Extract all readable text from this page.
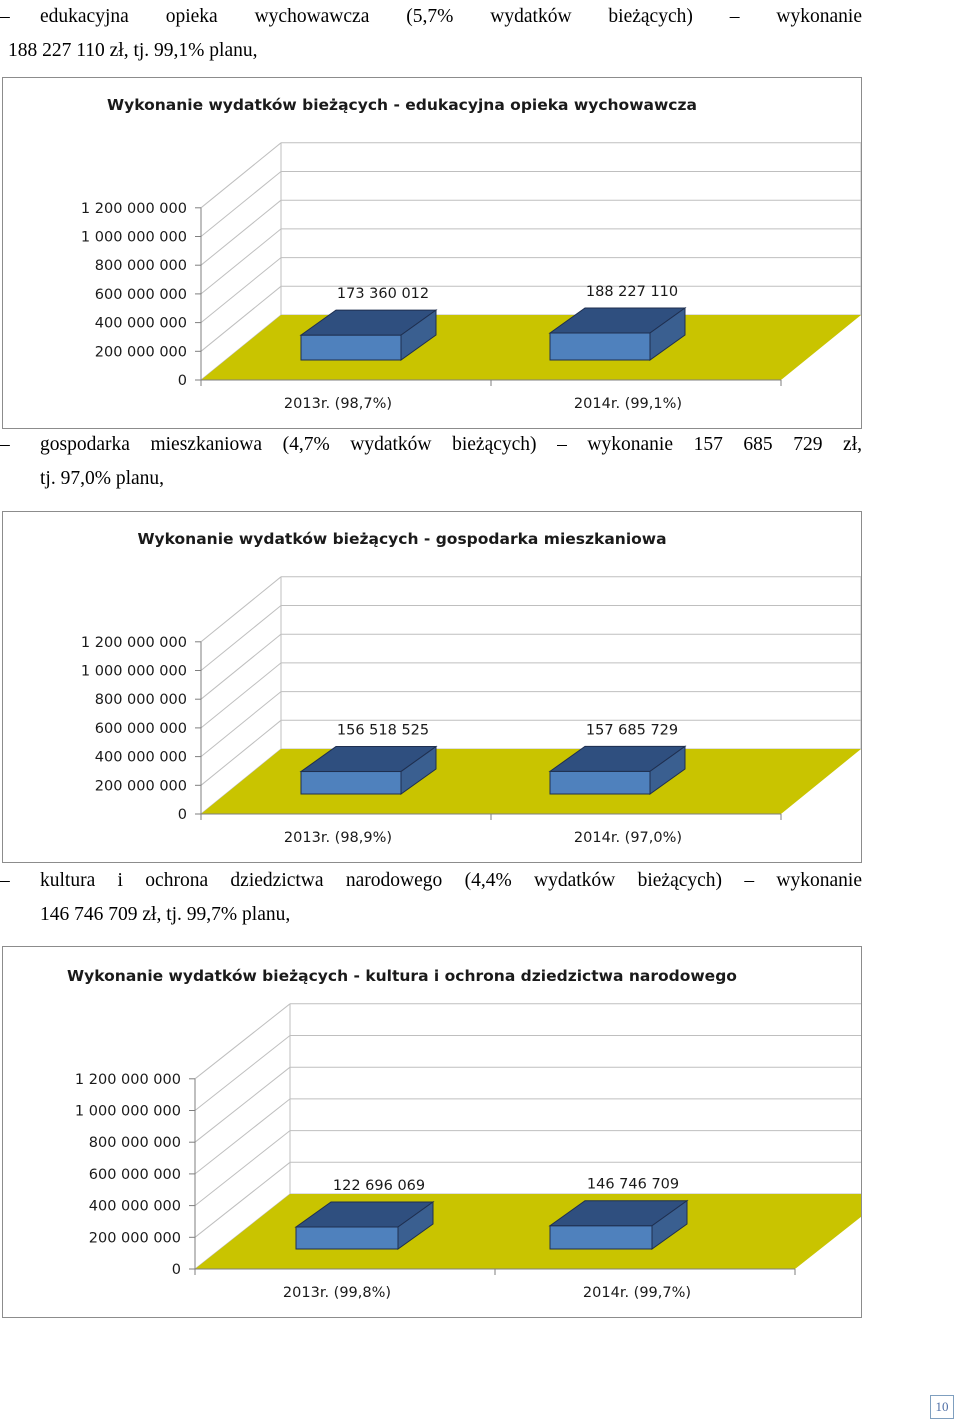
– edukacyjna opieka wychowawcza (5,7% wydatków bieżących) – wykonanie
188 227 110 zł, tj. 99,1% planu,
Wykonanie wydatków bieżących - edukacyjna opieka wychowawcza
0
200 000 000
400 000 000
600 000 000
800 000 000
1 000 000 000
1 200 000 000
173 360 012
2013r. (98,7%)
188 227 110
2014r. (99,1%)
– gospodarka mieszkaniowa (4,7% wydatków bieżących) – wykonanie 157 685 729 zł,
tj. 97,0% planu,
Wykonanie wydatków bieżących - gospodarka mieszkaniowa
0
200 000 000
400 000 000
600 000 000
800 000 000
1 000 000 000
1 200 000 000
156 518 525
2013r. (98,9%)
157 685 729
2014r. (97,0%)
– kultura i ochrona dziedzictwa narodowego (4,4% wydatków bieżących) – wykonanie
146 746 709 zł, tj. 99,7% planu,
Wykonanie wydatków bieżących - kultura i ochrona dziedzictwa narodowego
0
200 000 000
400 000 000
600 000 000
800 000 000
1 000 000 000
1 200 000 000
122 696 069
2013r. (99,8%)
146 746 709
2014r. (99,7%)
10
